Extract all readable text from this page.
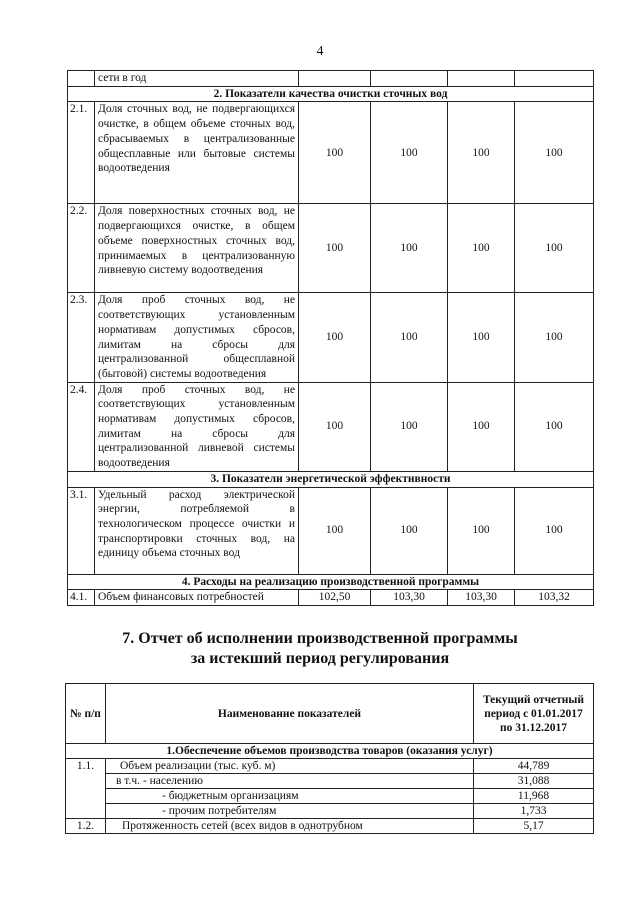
4
	сети в год				
2. Показатели качества очистки сточных вод					
2.1.	Доля сточных вод, не подвергающихся очистке, в общем объеме сточных вод, сбрасываемых в централизованные общесплавные или бытовые системы водоотведения	100	100	100	100
2.2.	Доля поверхностных сточных вод, не подвергающихся очистке, в общем объеме поверхностных сточных вод, принимаемых в централизованную ливневую систему водоотведения	100	100	100	100
2.3.	Доля проб сточных вод, не соответствующих установленным нормативам допустимых сбросов, лимитам на сбросы для централизованной общесплавной (бытовой) системы водоотведения	100	100	100	100
2.4.	Доля проб сточных вод, не соответствующих установленным нормативам допустимых сбросов, лимитам на сбросы для централизованной ливневой системы водоотведения	100	100	100	100
3. Показатели энергетической эффективности					
3.1.	Удельный расход электрической энергии, потребляемой в технологическом процессе очистки и транспортировки сточных вод, на единицу объема сточных вод	100	100	100	100
4. Расходы на реализацию производственной программы					
4.1.	Объем финансовых потребностей	102,50	103,30	103,30	103,32
7. Отчет об исполнении производственной программы
за истекший период регулирования
№ п/п	Наименование показателей	Текущий отчетный период с 01.01.2017 по 31.12.2017
1.Обеспечение объемов производства товаров (оказания услуг)		
1.1.	Объем реализации (тыс. куб. м)	44,789
	в т.ч. - населению	31,088
	- бюджетным организациям	11,968
	- прочим потребителям	1,733
1.2.	Протяженность сетей (всех видов в однотрубном	5,17
